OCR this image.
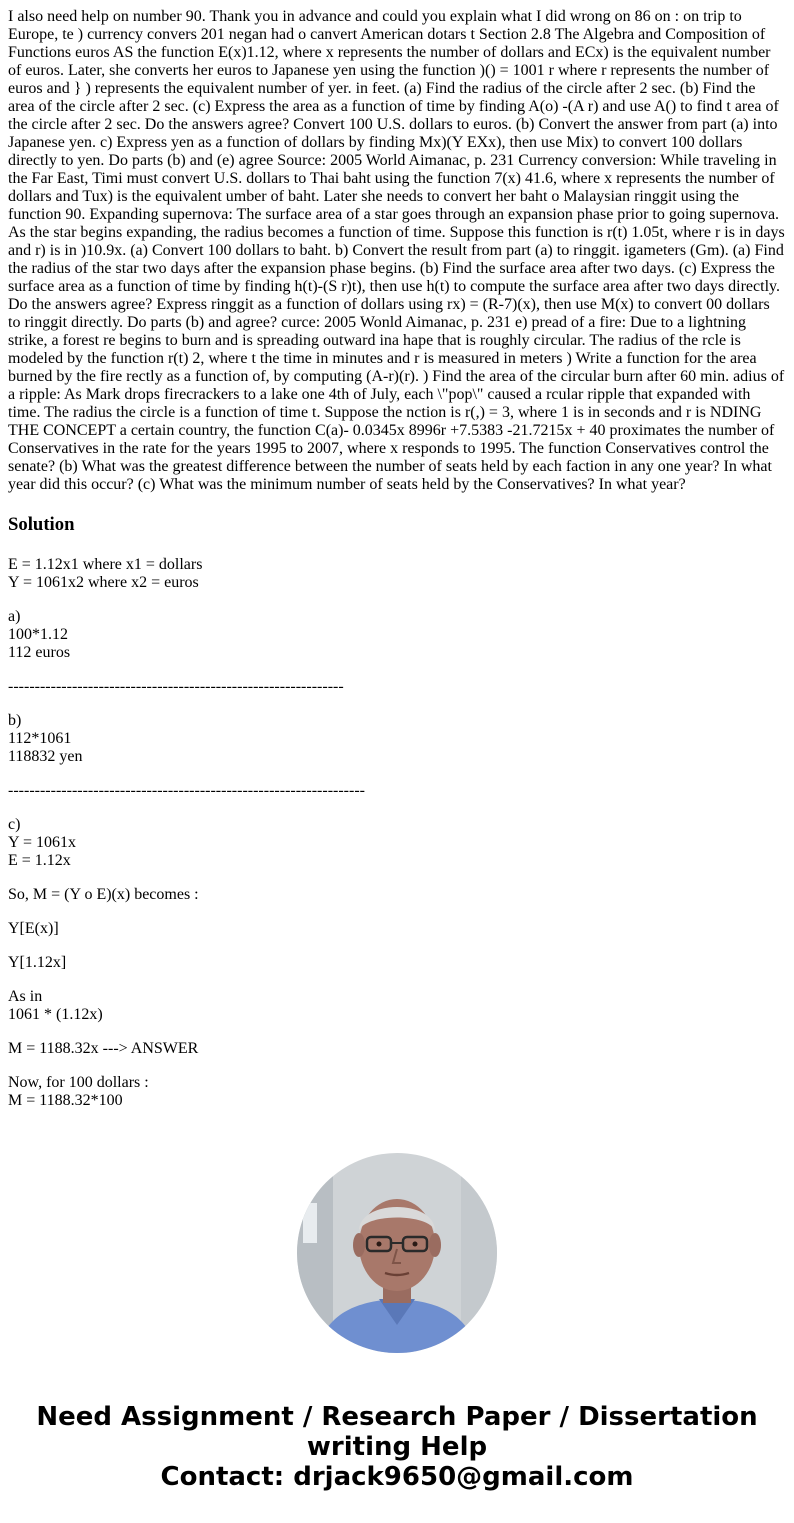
I also need help on number 90. Thank you in advance and could you explain what I did wrong on 86 on : on trip to Europe, te ) currency convers 201 negan had o canvert American dotars t Section 2.8 The Algebra and Composition of Functions euros AS the function E(x)1.12, where x represents the number of dollars and ECx) is the equivalent number of euros. Later, she converts her euros to Japanese yen using the function )() = 1001 r where r represents the number of euros and } ) represents the equivalent number of yer. in feet. (a) Find the radius of the circle after 2 sec. (b) Find the area of the circle after 2 sec. (c) Express the area as a function of time by finding A(o) -(A r) and use A() to find t area of the circle after 2 sec. Do the answers agree? Convert 100 U.S. dollars to euros. (b) Convert the answer from part (a) into Japanese yen. c) Express yen as a function of dollars by finding Mx)(Y EXx), then use Mix) to convert 100 dollars directly to yen. Do parts (b) and (e) agree Source: 2005 World Aimanac, p. 231 Currency conversion: While traveling in the Far East, Timi must convert U.S. dollars to Thai baht using the function 7(x) 41.6, where x represents the number of dollars and Tux) is the equivalent umber of baht. Later she needs to convert her baht o Malaysian ringgit using the function 90. Expanding supernova: The surface area of a star goes through an expansion phase prior to going supernova. As the star begins expanding, the radius becomes a function of time. Suppose this function is r(t) 1.05t, where r is in days and r) is in )10.9x. (a) Convert 100 dollars to baht. b) Convert the result from part (a) to ringgit. igameters (Gm). (a) Find the radius of the star two days after the expansion phase begins. (b) Find the surface area after two days. (c) Express the surface area as a function of time by finding h(t)-(S r)t), then use h(t) to compute the surface area after two days directly. Do the answers agree? Express ringgit as a function of dollars using rx) = (R-7)(x), then use M(x) to convert 00 dollars to ringgit directly. Do parts (b) and agree? curce: 2005 Wonld Aimanac, p. 231 e) pread of a fire: Due to a lightning strike, a forest re begins to burn and is spreading outward ina hape that is roughly circular. The radius of the rcle is modeled by the function r(t) 2, where t the time in minutes and r is measured in meters ) Write a function for the area burned by the fire rectly as a function of, by computing (A-r)(r). ) Find the area of the circular burn after 60 min. adius of a ripple: As Mark drops firecrackers to a lake one 4th of July, each \"pop\" caused a rcular ripple that expanded with time. The radius the circle is a function of time t. Suppose the nction is r(,) = 3, where 1 is in seconds and r is NDING THE CONCEPT a certain country, the function C(a)- 0.0345x 8996r +7.5383 -21.7215x + 40 proximates the number of Conservatives in the rate for the years 1995 to 2007, where x responds to 1995. The function Conservatives control the senate? (b) What was the greatest difference between the number of seats held by each faction in any one year? In what year did this occur? (c) What was the minimum number of seats held by the Conservatives? In what year?

Solution
E = 1.12x1 where x1 = dollars
Y = 1061x2 where x2 = euros
a)
100*1.12
112 euros
---------------------------------------------------------------
b)
112*1061
118832 yen
-------------------------------------------------------------------
c)
Y = 1061x
E = 1.12x
So, M = (Y o E)(x) becomes :
Y[E(x)]
Y[1.12x]
As in
1061 * (1.12x)
M = 1188.32x ---> ANSWER
Now, for 100 dollars :
M = 1188.32*100
Need Assignment / Research Paper / Dissertation
writing Help
Contact: drjack9650@gmail.com
